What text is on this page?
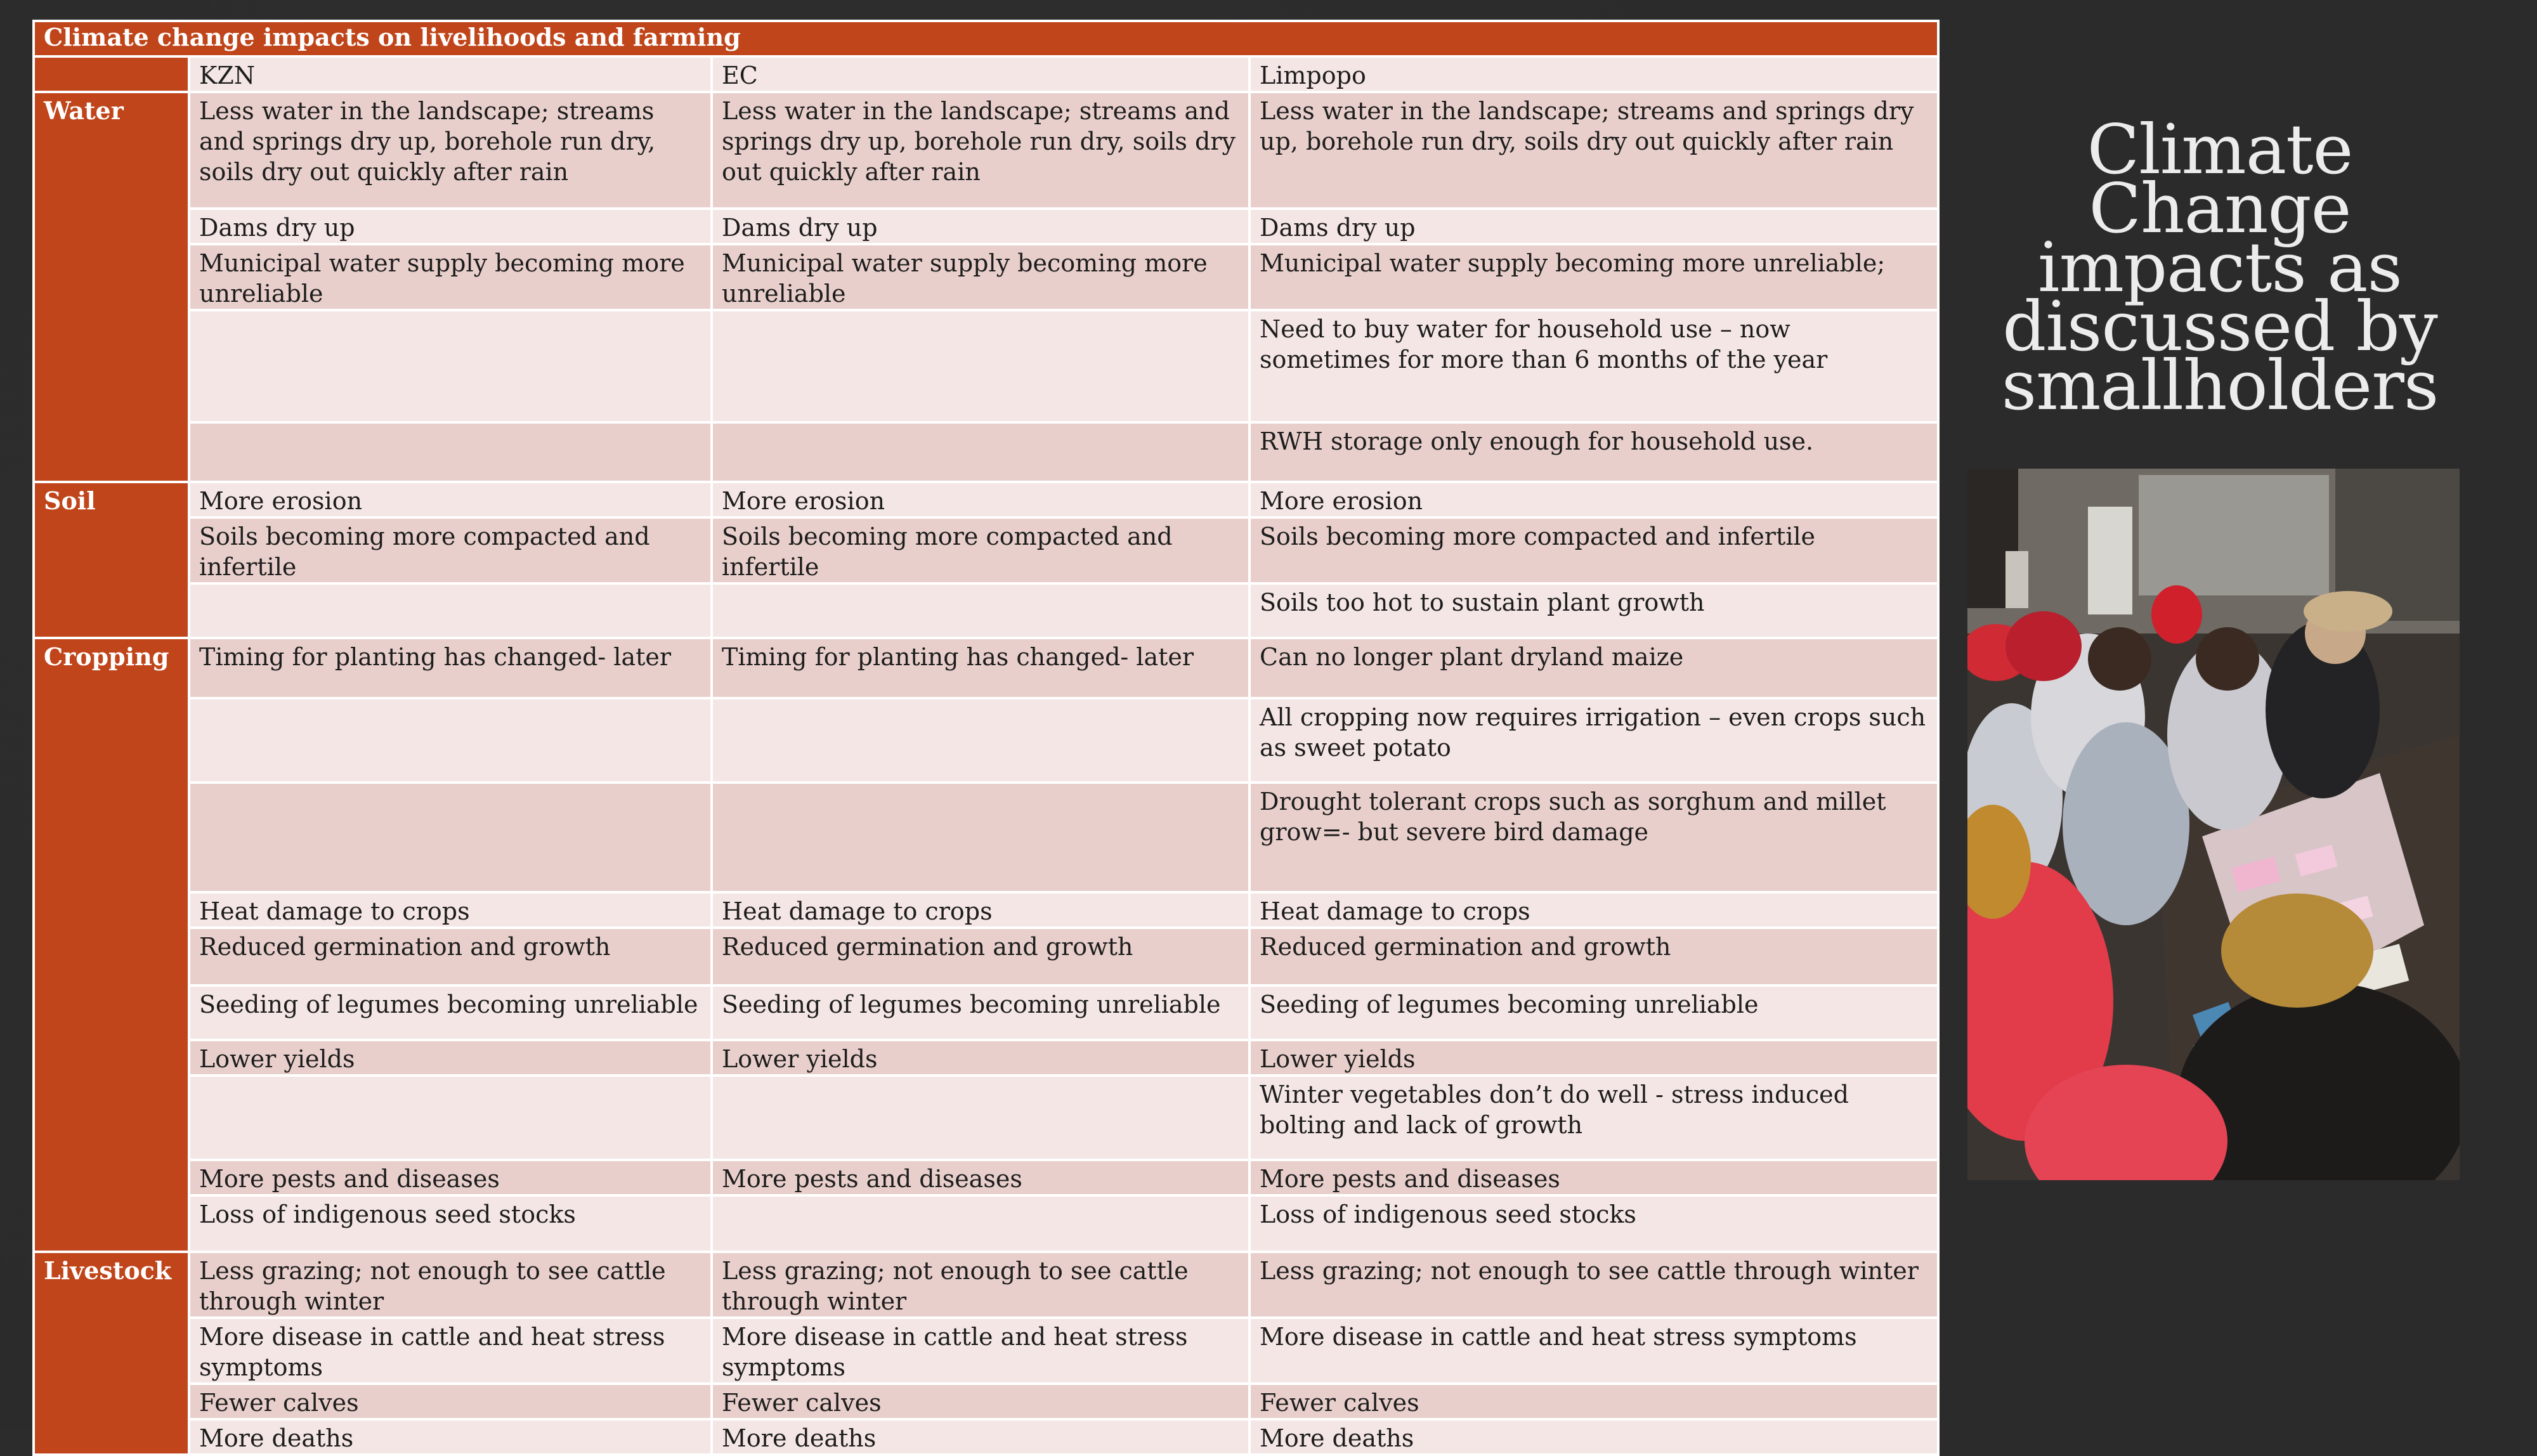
Climate change impacts on livelihoods and farming			
	KZN	EC	Limpopo
Water	Less water in the landscape; streams and springs dry up, borehole run dry, soils dry out quickly after rain	Less water in the landscape; streams and springs dry up, borehole run dry, soils dry out quickly after rain	Less water in the landscape; streams and springs dry up, borehole run dry, soils dry out quickly after rain
	Dams dry up	Dams dry up	Dams dry up
	Municipal water supply becoming more unreliable	Municipal water supply becoming more unreliable	Municipal water supply becoming more unreliable;
			Need to buy water for household use – now sometimes for more than 6 months of the year
			RWH storage only enough for household use.
Soil	More erosion	More erosion	More erosion
	Soils becoming more compacted and infertile	Soils becoming more compacted and infertile	Soils becoming more compacted and infertile
			Soils too hot to sustain plant growth
Cropping	Timing for planting has changed- later	Timing for planting has changed- later	Can no longer plant dryland maize
			All cropping now requires irrigation – even crops such as sweet potato
			Drought tolerant crops such as sorghum and millet grow=- but severe bird damage
	Heat damage to crops	Heat damage to crops	Heat damage to crops
	Reduced germination and growth	Reduced germination and growth	Reduced germination and growth
	Seeding of legumes becoming unreliable	Seeding of legumes becoming unreliable	Seeding of legumes becoming unreliable
	Lower yields	Lower yields	Lower yields
			Winter vegetables don’t do well - stress induced bolting and lack of growth
	More pests and diseases	More pests and diseases	More pests and diseases
	Loss of indigenous seed stocks		Loss of indigenous seed stocks
Livestock	Less grazing; not enough to see cattle through winter	Less grazing; not enough to see cattle through winter	Less grazing; not enough to see cattle through winter
	More disease in cattle and heat stress symptoms	More disease in cattle and heat stress symptoms	More disease in cattle and heat stress symptoms
	Fewer calves	Fewer calves	Fewer calves
	More deaths	More deaths	More deaths
Climate
Change
impacts as
discussed by
smallholders
